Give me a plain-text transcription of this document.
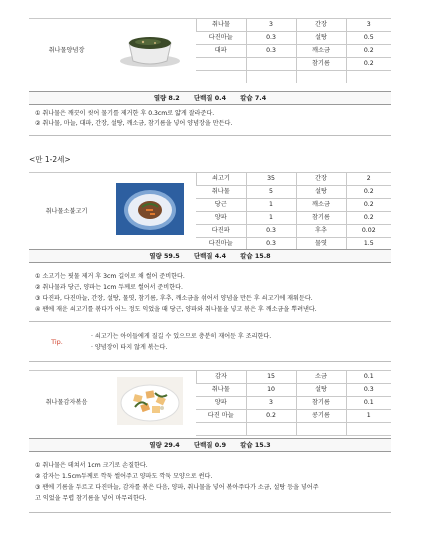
취나물양념장		취나물	3	간장	3
		다진마늘	0.3	설탕	0.5
		대파	0.3	깨소금	0.2
				참기름	0.2

열량 8.2 단백질 0.4 칼슘 7.4
① 취나물은 깨끗이 씻어 물기를 제거한 후 0.3cm로 얇게 잘라준다.
② 취나물, 마늘, 대파, 간장, 설탕, 깨소금, 참기름을 넣어 양념장을 만든다.
<만 1-2세>
취나물소불고기		쇠고기	35	간장	2
		취나물	5	설탕	0.2
		당근	1	깨소금	0.2
		양파	1	참기름	0.2
		다진파	0.3	후추	0.02
		다진마늘	0.3	물엿	1.5
열량 59.5 단백질 4.4 칼슘 15.8
① 소고기는 핏물 제거 후 3cm 길이로 채 썰어 준비한다.
② 취나물과 당근, 양파는 1cm 두께로 썰어서 준비한다.
③ 다진파, 다진마늘, 간장, 설탕, 물엿, 참기름, 후추, 깨소금을 섞어서 양념을 만든 후 쇠고기에 재워둔다.
④ 팬에 재운 쇠고기를 볶다가 어느 정도 익었을 때 당근, 양파와 취나물을 넣고 볶은 후 깨소금을 뿌려낸다.
Tip.
· 쇠고기는 아이들에게 질길 수 있으므로 충분히 재어둔 후 조리한다.
· 양념장이 타지 않게 볶는다.
취나물감자볶음		감자	15	소금	0.1
		취나물	10	설탕	0.3
		양파	3	참기름	0.1
		다진 마늘	0.2	콩기름	1

열량 29.4 단백질 0.9 칼슘 15.3
① 취나물은 데쳐서 1cm 크기로 손질한다.
② 감자는 1.5cm두께로 깍둑 썰어주고 양파도 깍둑 모양으로 썬다.
③ 팬에 기름을 두르고 다진마늘, 감자를 볶은 다음, 양파, 취나물을 넣어 볶아주다가 소금, 설탕 등을 넣어주
고 익었을 무렵 참기름을 넣어 마무리한다.
